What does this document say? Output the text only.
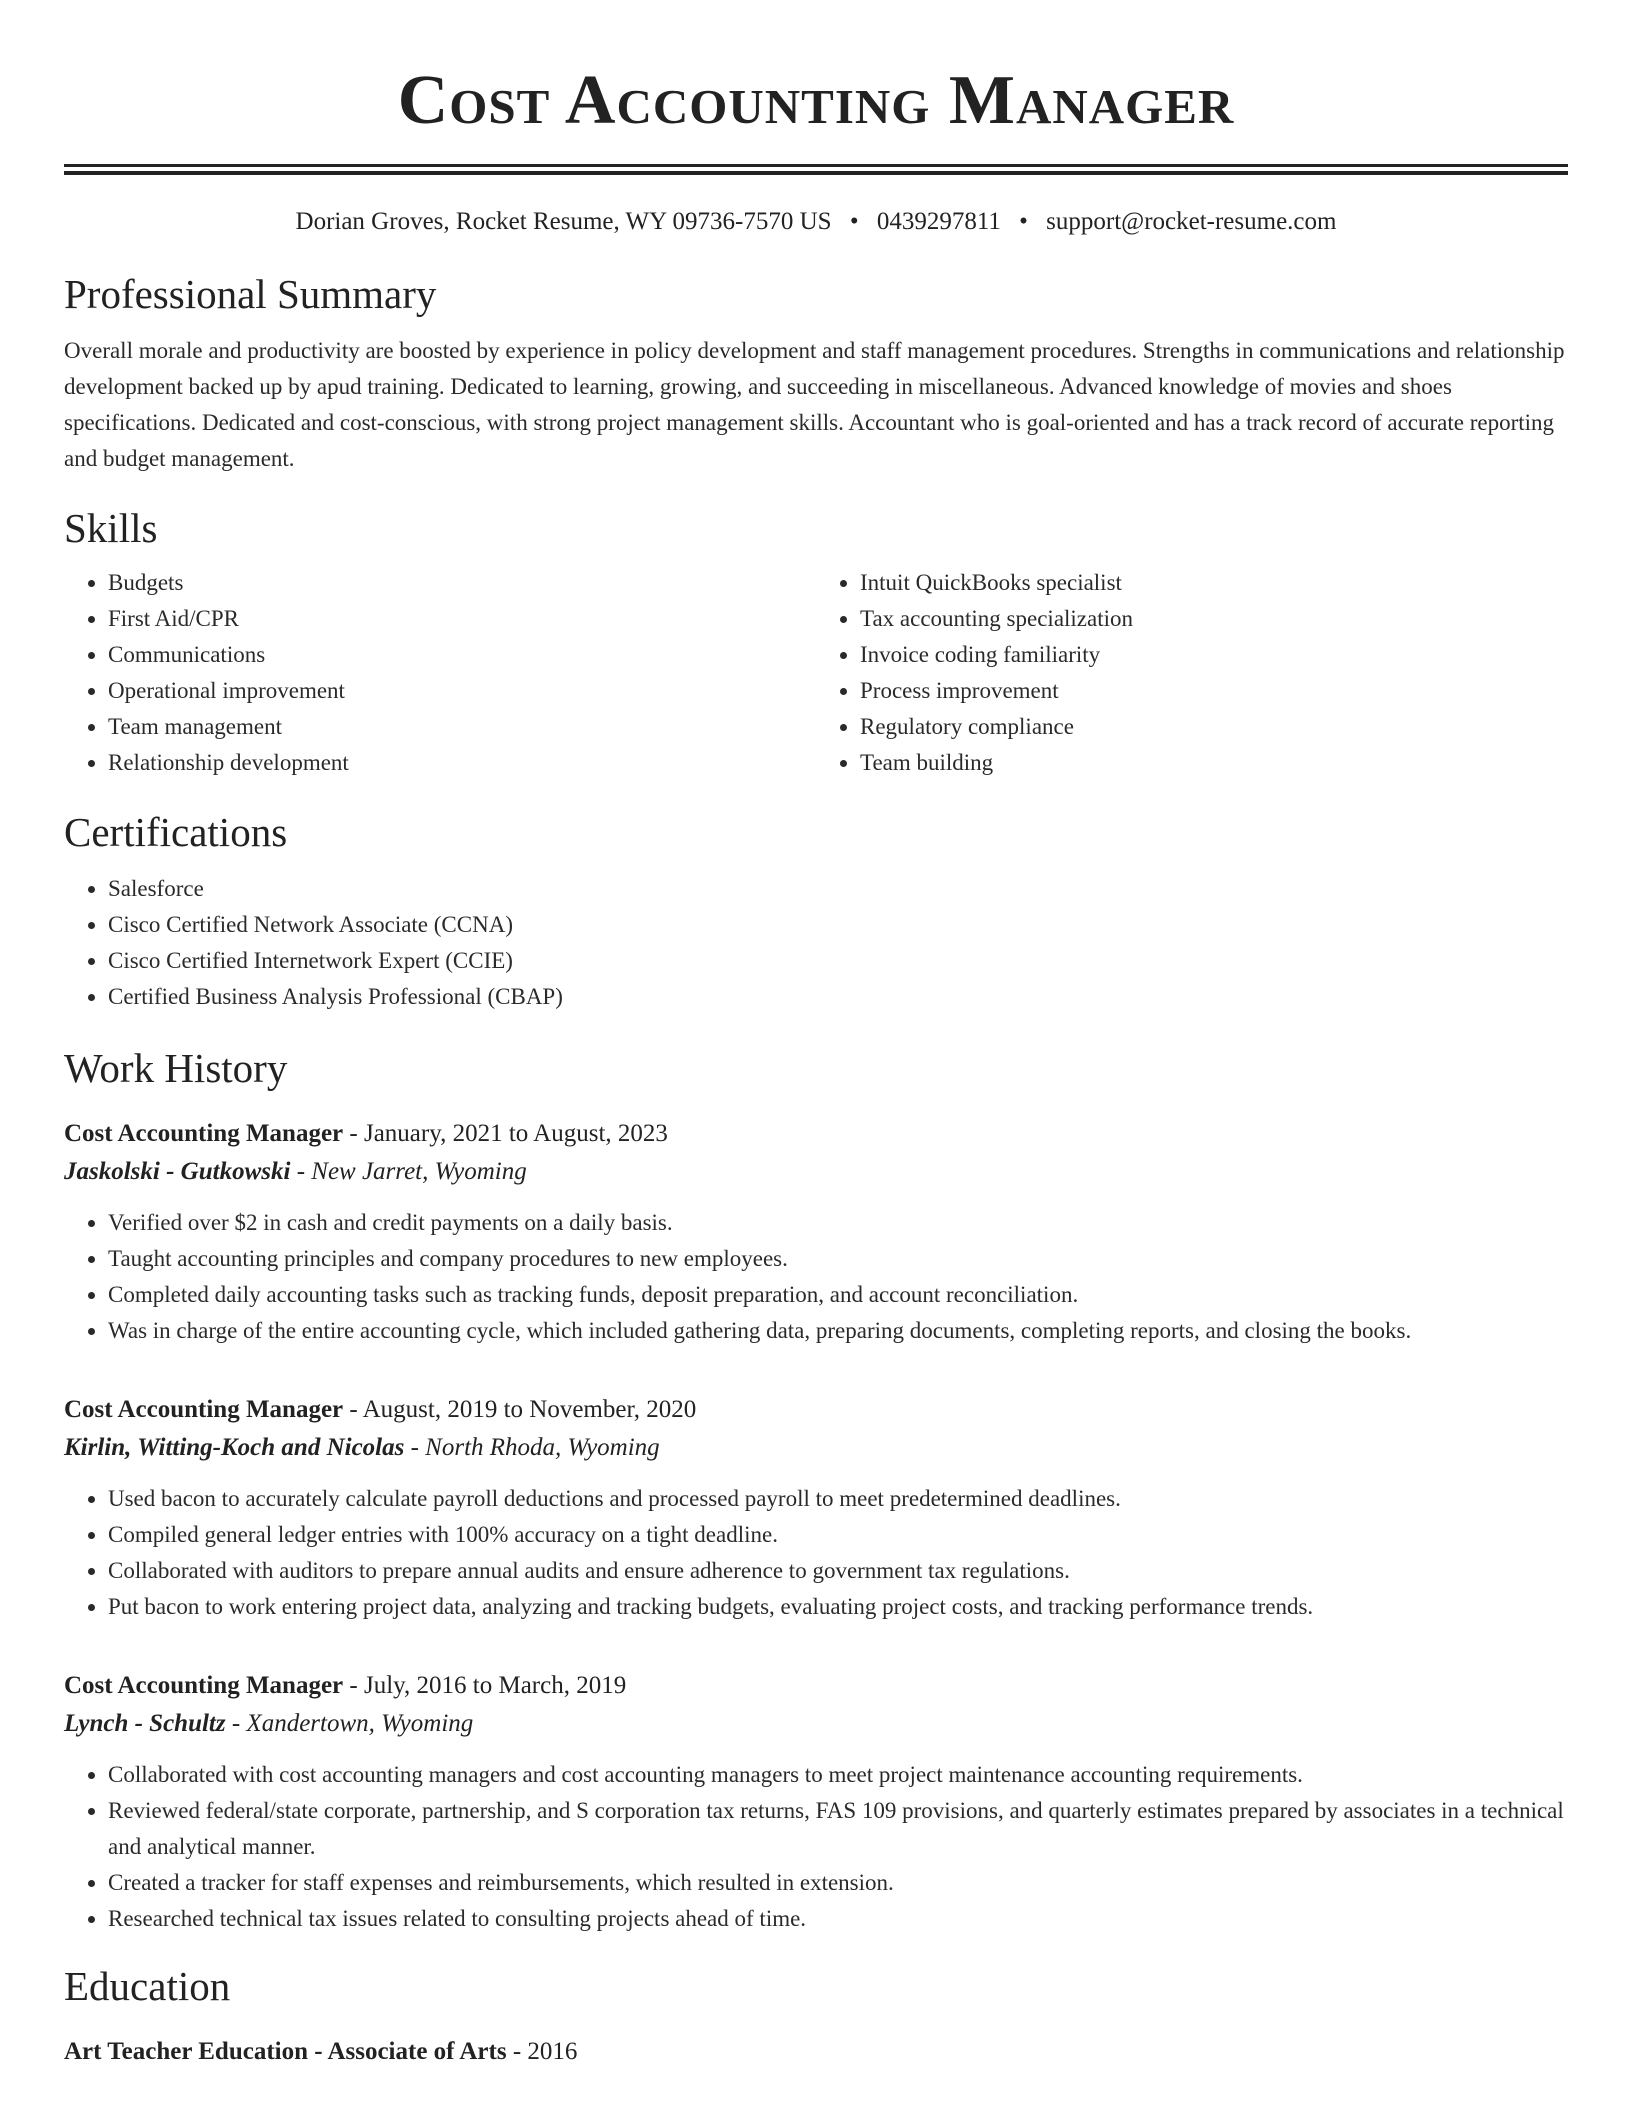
Cost Accounting Manager
Dorian Groves, Rocket Resume, WY 09736-7570 US • 0439297811 • support@rocket-resume.com
Professional Summary

Overall morale and productivity are boosted by experience in policy development and staff management procedures. Strengths in communications and relationship development backed up by apud training. Dedicated to learning, growing, and succeeding in miscellaneous. Advanced knowledge of movies and shoes specifications. Dedicated and cost-conscious, with strong project management skills. Accountant who is goal-oriented and has a track record of accurate reporting and budget management.

Skills
• Budgets
• First Aid/CPR
• Communications
• Operational improvement
• Team management
• Relationship development
• Intuit QuickBooks specialist
• Tax accounting specialization
• Invoice coding familiarity
• Process improvement
• Regulatory compliance
• Team building
Certifications
• Salesforce
• Cisco Certified Network Associate (CCNA)
• Cisco Certified Internetwork Expert (CCIE)
• Certified Business Analysis Professional (CBAP)
Work History
Cost Accounting Manager - January, 2021 to August, 2023
Jaskolski - Gutkowski - New Jarret, Wyoming
• Verified over $2 in cash and credit payments on a daily basis.
• Taught accounting principles and company procedures to new employees.
• Completed daily accounting tasks such as tracking funds, deposit preparation, and account reconciliation.
• Was in charge of the entire accounting cycle, which included gathering data, preparing documents, completing reports, and closing the books.
Cost Accounting Manager - August, 2019 to November, 2020
Kirlin, Witting-Koch and Nicolas - North Rhoda, Wyoming
• Used bacon to accurately calculate payroll deductions and processed payroll to meet predetermined deadlines.
• Compiled general ledger entries with 100% accuracy on a tight deadline.
• Collaborated with auditors to prepare annual audits and ensure adherence to government tax regulations.
• Put bacon to work entering project data, analyzing and tracking budgets, evaluating project costs, and tracking performance trends.
Cost Accounting Manager - July, 2016 to March, 2019
Lynch - Schultz - Xandertown, Wyoming
• Collaborated with cost accounting managers and cost accounting managers to meet project maintenance accounting requirements.
• Reviewed federal/state corporate, partnership, and S corporation tax returns, FAS 109 provisions, and quarterly estimates prepared by associates in a technical and analytical manner.
• Created a tracker for staff expenses and reimbursements, which resulted in extension.
• Researched technical tax issues related to consulting projects ahead of time.
Education
Art Teacher Education - Associate of Arts - 2016
